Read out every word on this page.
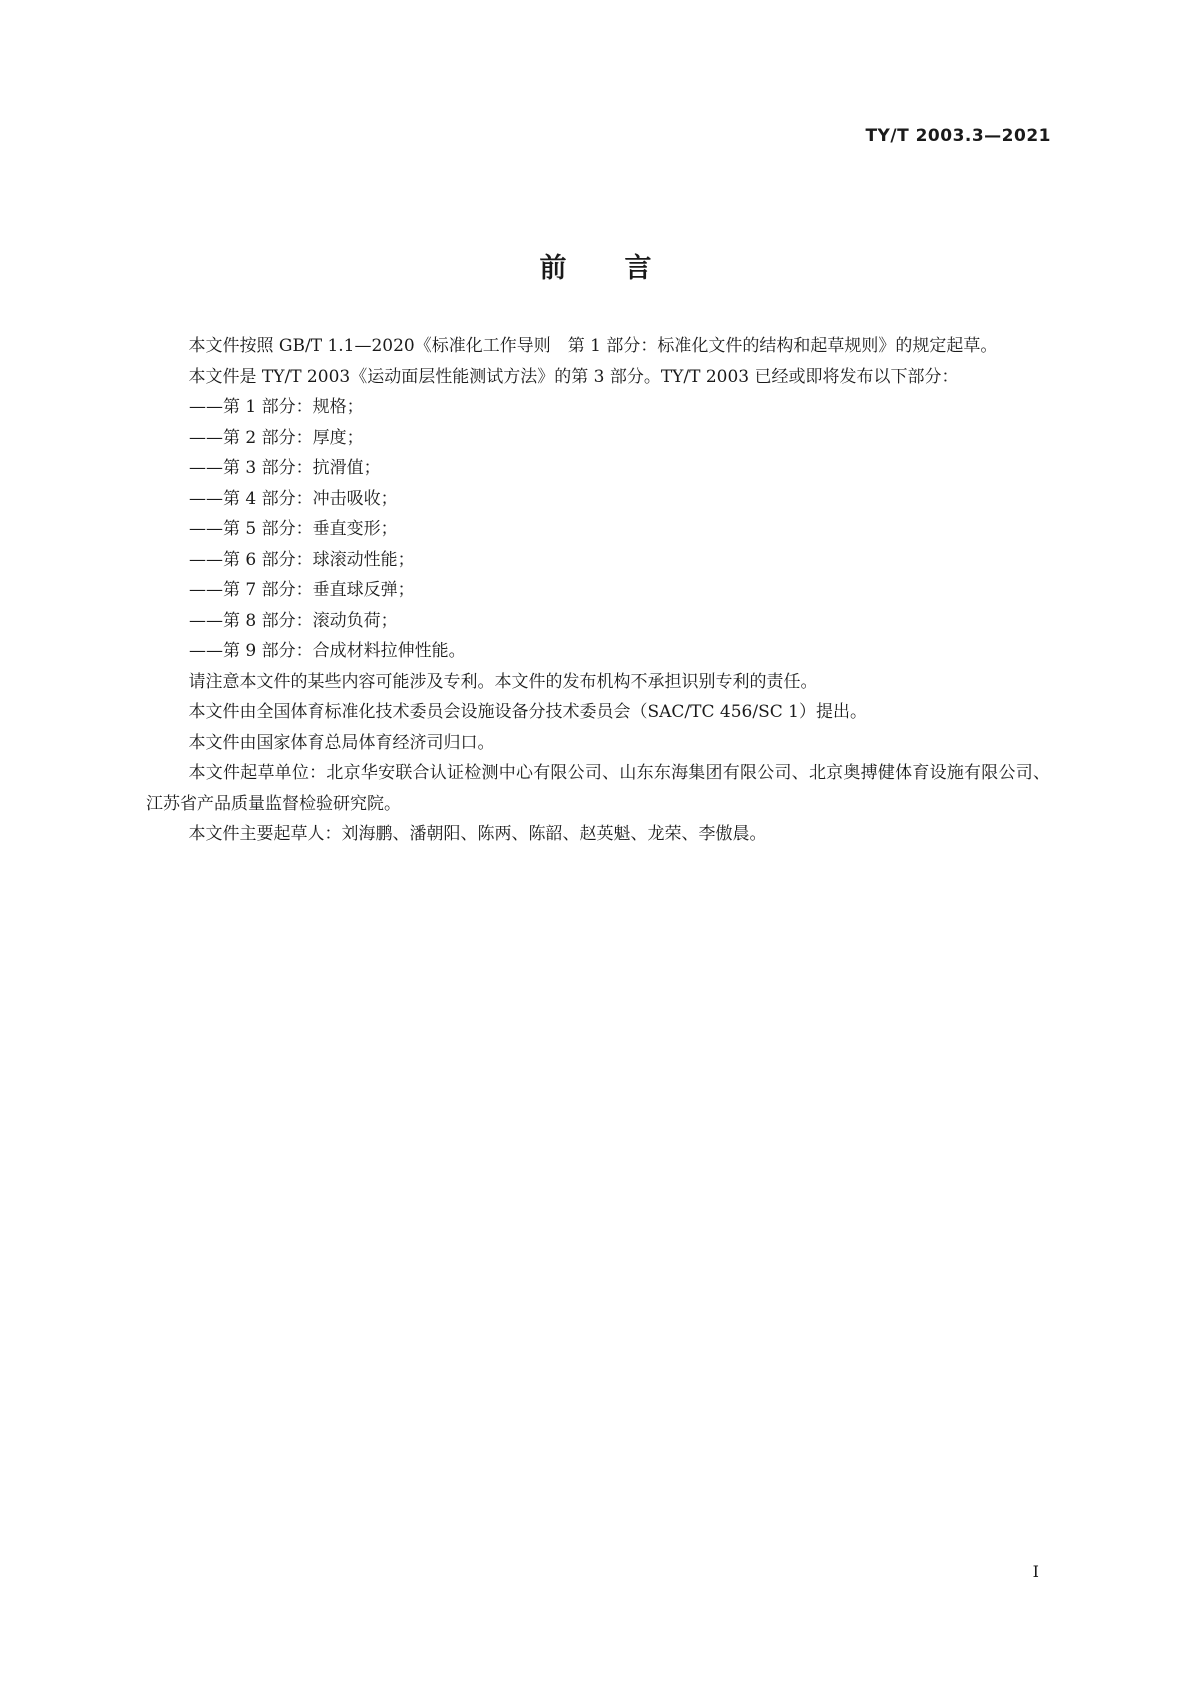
TY/T 2003.3—2021
前言

本文件按照 GB/T 1.1—2020《标准化工作导则　第 1 部分：标准化文件的结构和起草规则》的规定起草。

本文件是 TY/T 2003《运动面层性能测试方法》的第 3 部分。TY/T 2003 已经或即将发布以下部分：

——第 1 部分：规格；

——第 2 部分：厚度；

——第 3 部分：抗滑值；

——第 4 部分：冲击吸收；

——第 5 部分：垂直变形；

——第 6 部分：球滚动性能；

——第 7 部分：垂直球反弹；

——第 8 部分：滚动负荷；

——第 9 部分：合成材料拉伸性能。

请注意本文件的某些内容可能涉及专利。本文件的发布机构不承担识别专利的责任。

本文件由全国体育标准化技术委员会设施设备分技术委员会（SAC/TC 456/SC 1）提出。

本文件由国家体育总局体育经济司归口。

本文件起草单位：北京华安联合认证检测中心有限公司、山东东海集团有限公司、北京奥搏健体育设施有限公司、江苏省产品质量监督检验研究院。

本文件主要起草人：刘海鹏、潘朝阳、陈两、陈韶、赵英魁、龙荣、李傲晨。

I
